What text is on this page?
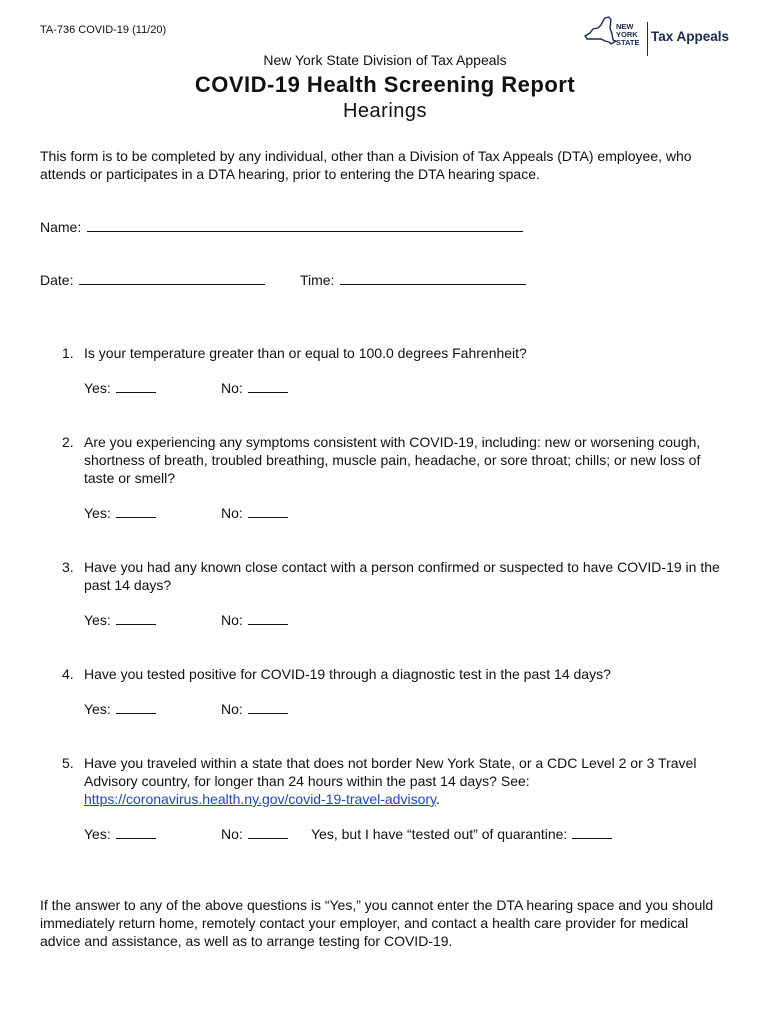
TA-736 COVID-19 (11/20)	NEW
YORK
STATE Tax Appeals
New York State Division of Tax Appeals
COVID-19 Health Screening Report
Hearings
This form is to be completed by any individual, other than a Division of Tax Appeals (DTA) employee, who attends or participates in a DTA hearing, prior to entering the DTA hearing space.
Name:
Date:	Time:
1. Is your temperature greater than or equal to 100.0 degrees Fahrenheit?
Yes:	No:
2. Are you experiencing any symptoms consistent with COVID-19, including: new or worsening cough, shortness of breath, troubled breathing, muscle pain, headache, or sore throat; chills; or new loss of taste or smell?
Yes:	No:
3. Have you had any known close contact with a person confirmed or suspected to have COVID-19 in the past 14 days?
Yes:	No:
4. Have you tested positive for COVID-19 through a diagnostic test in the past 14 days?
Yes:	No:
5. Have you traveled within a state that does not border New York State, or a CDC Level 2 or 3 Travel Advisory country, for longer than 24 hours within the past 14 days? See: https://coronavirus.health.ny.gov/covid-19-travel-advisory.
Yes:	No:	Yes, but I have “tested out” of quarantine:
If the answer to any of the above questions is “Yes,” you cannot enter the DTA hearing space and you should immediately return home, remotely contact your employer, and contact a health care provider for medical advice and assistance, as well as to arrange testing for COVID-19.
